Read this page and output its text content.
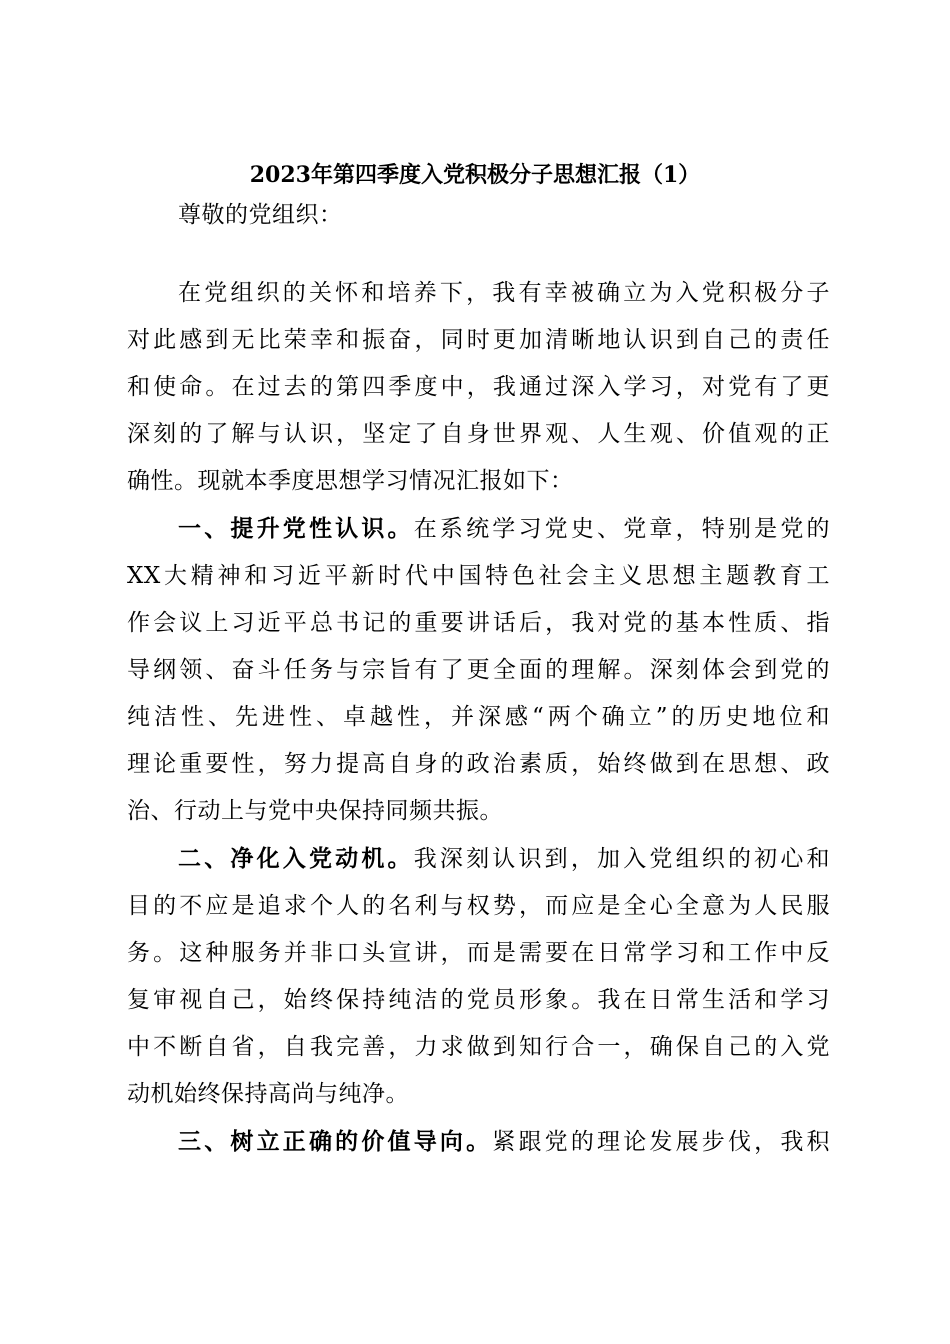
2023年第四季度入党积极分子思想汇报（1）
尊敬的党组织：
在党组织的关怀和培养下，我有幸被确立为入党积极分子
对此感到无比荣幸和振奋，同时更加清晰地认识到自己的责任
和使命。在过去的第四季度中，我通过深入学习，对党有了更
深刻的了解与认识，坚定了自身世界观、人生观、价值观的正
确性。现就本季度思想学习情况汇报如下：
一、提升党性认识。在系统学习党史、党章，特别是党的
XX大精神和习近平新时代中国特色社会主义思想主题教育工
作会议上习近平总书记的重要讲话后，我对党的基本性质、指
导纲领、奋斗任务与宗旨有了更全面的理解。深刻体会到党的
纯洁性、先进性、卓越性，并深感“两个确立”的历史地位和
理论重要性，努力提高自身的政治素质，始终做到在思想、政
治、行动上与党中央保持同频共振。
二、净化入党动机。我深刻认识到，加入党组织的初心和
目的不应是追求个人的名利与权势，而应是全心全意为人民服
务。这种服务并非口头宣讲，而是需要在日常学习和工作中反
复审视自己，始终保持纯洁的党员形象。我在日常生活和学习
中不断自省，自我完善，力求做到知行合一，确保自己的入党
动机始终保持高尚与纯净。
三、树立正确的价值导向。紧跟党的理论发展步伐，我积
